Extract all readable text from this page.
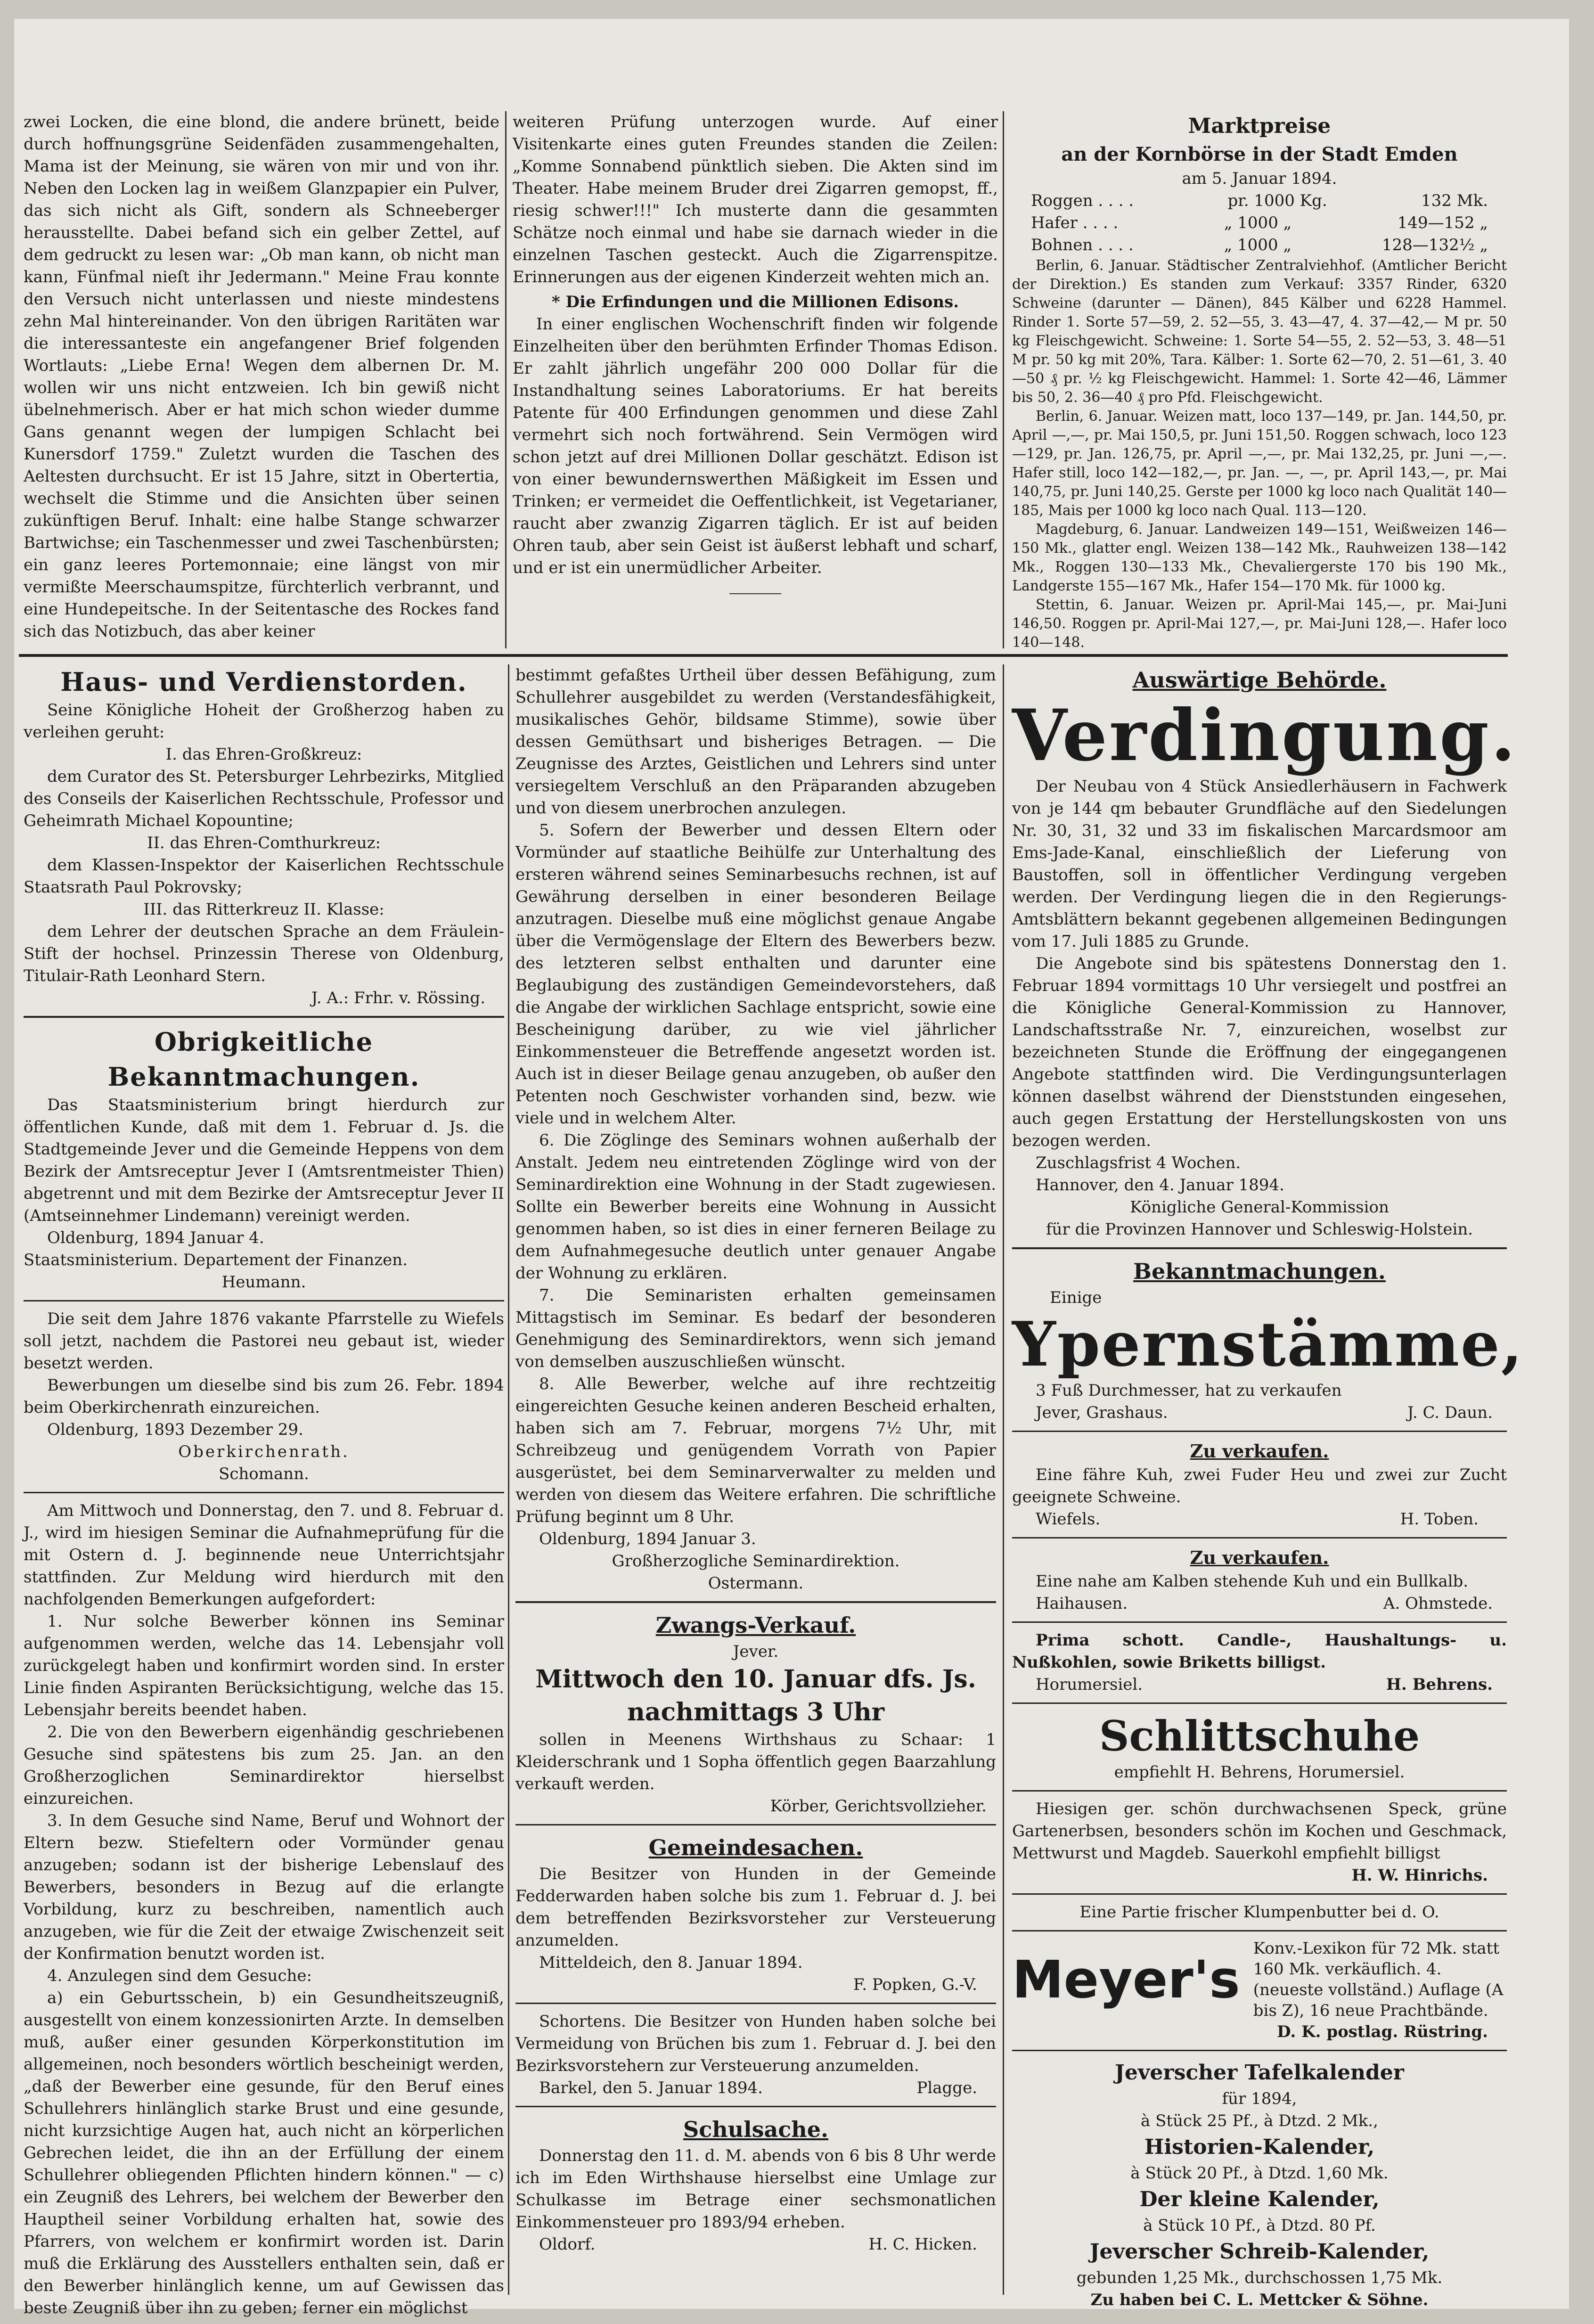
zwei Locken, die eine blond, die andere brünett, beide durch hoffnungsgrüne Seidenfäden zusammengehalten, Mama ist der Meinung, sie wären von mir und von ihr. Neben den Locken lag in weißem Glanzpapier ein Pulver, das sich nicht als Gift, sondern als Schneeberger herausstellte. Dabei befand sich ein gelber Zettel, auf dem gedruckt zu lesen war: „Ob man kann, ob nicht man kann, Fünfmal nieſt ihr Jedermann." Meine Frau konnte den Versuch nicht unterlassen und nieste mindestens zehn Mal hintereinander. Von den übrigen Raritäten war die interessanteste ein angefangener Brief folgenden Wortlauts: „Liebe Erna! Wegen dem albernen Dr. M. wollen wir uns nicht entzweien. Ich bin gewiß nicht übelnehmerisch. Aber er hat mich schon wieder dumme Gans genannt wegen der lumpigen Schlacht bei Kunersdorf 1759." Zuletzt wurden die Taschen des Aeltesten durchsucht. Er ist 15 Jahre, sitzt in Obertertia, wechselt die Stimme und die Ansichten über seinen zukünftigen Beruf. Inhalt: eine halbe Stange schwarzer Bartwichse; ein Taschenmesser und zwei Taschenbürsten; ein ganz leeres Portemonnaie; eine längst von mir vermißte Meerschaumspitze, fürchterlich verbrannt, und eine Hundepeitsche. In der Seitentasche des Rockes fand sich das Notizbuch, das aber keiner

weiteren Prüfung unterzogen wurde. Auf einer Visitenkarte eines guten Freundes standen die Zeilen: „Komme Sonnabend pünktlich sieben. Die Akten sind im Theater. Habe meinem Bruder drei Zigarren gemopst, ff., riesig schwer!!!" Ich musterte dann die gesammten Schätze noch einmal und habe sie darnach wieder in die einzelnen Taschen gesteckt. Auch die Zigarrenspitze. Erinnerungen aus der eigenen Kinderzeit wehten mich an.

* Die Erfindungen und die Millionen Edisons.

In einer englischen Wochenschrift finden wir folgende Einzelheiten über den berühmten Erfinder Thomas Edison. Er zahlt jährlich ungefähr 200 000 Dollar für die Instandhaltung seines Laboratoriums. Er hat bereits Patente für 400 Erfindungen genommen und diese Zahl vermehrt sich noch fortwährend. Sein Vermögen wird schon jetzt auf drei Millionen Dollar geschätzt. Edison ist von einer bewundernswerthen Mäßigkeit im Essen und Trinken; er vermeidet die Oeffentlichkeit, ist Vegetarianer, raucht aber zwanzig Zigarren täglich. Er ist auf beiden Ohren taub, aber sein Geist ist äußerst lebhaft und scharf, und er ist ein unermüdlicher Arbeiter.

Marktpreise
an der Kornbörse in der Stadt Emden

am 5. Januar 1894.

Roggen . . . .	pr. 1000 Kg.	132 Mk.
Hafer . . . .	„ 1000 „	149—152 „
Bohnen . . . .	„ 1000 „	128—132½ „

Berlin, 6. Januar. Städtischer Zentralviehhof. (Amtlicher Bericht der Direktion.) Es standen zum Verkauf: 3357 Rinder, 6320 Schweine (darunter — Dänen), 845 Kälber und 6228 Hammel. Rinder 1. Sorte 57—59, 2. 52—55, 3. 43—47, 4. 37—42,— M pr. 50 kg Fleischgewicht. Schweine: 1. Sorte 54—55, 2. 52—53, 3. 48—51 M pr. 50 kg mit 20%, Tara. Kälber: 1. Sorte 62—70, 2. 51—61, 3. 40—50 ₰ pr. ½ kg Fleischgewicht. Hammel: 1. Sorte 42—46, Lämmer bis 50, 2. 36—40 ₰ pro Pfd. Fleischgewicht.

Berlin, 6. Januar. Weizen matt, loco 137—149, pr. Jan. 144,50, pr. April —,—, pr. Mai 150,5, pr. Juni 151,50. Roggen schwach, loco 123—129, pr. Jan. 126,75, pr. April —,—, pr. Mai 132,25, pr. Juni —,—. Hafer still, loco 142—182,—, pr. Jan. —, —, pr. April 143,—, pr. Mai 140,75, pr. Juni 140,25. Gerste per 1000 kg loco nach Qualität 140—185, Mais per 1000 kg loco nach Qual. 113—120.

Magdeburg, 6. Januar. Landweizen 149—151, Weißweizen 146—150 Mk., glatter engl. Weizen 138—142 Mk., Rauhweizen 138—142 Mk., Roggen 130—133 Mk., Chevaliergerste 170 bis 190 Mk., Landgerste 155—167 Mk., Hafer 154—170 Mk. für 1000 kg.

Stettin, 6. Januar. Weizen pr. April-Mai 145,—, pr. Mai-Juni 146,50. Roggen pr. April-Mai 127,—, pr. Mai-Juni 128,—. Hafer loco 140—148.

Haus- und Verdienstorden.

Seine Königliche Hoheit der Großherzog haben zu verleihen geruht:

I. das Ehren-Großkreuz:

dem Curator des St. Petersburger Lehrbezirks, Mitglied des Conseils der Kaiserlichen Rechtsschule, Professor und Geheimrath Michael Kopountine;

II. das Ehren-Comthurkreuz:

dem Klassen-Inspektor der Kaiserlichen Rechtsschule Staatsrath Paul Pokrovsky;

III. das Ritterkreuz II. Klasse:

dem Lehrer der deutschen Sprache an dem Fräulein-Stift der hochsel. Prinzessin Therese von Oldenburg, Titulair-Rath Leonhard Stern.

J. A.: Frhr. v. Rössing.

Obrigkeitliche Bekanntmachungen.

Das Staatsministerium bringt hierdurch zur öffentlichen Kunde, daß mit dem 1. Februar d. Js. die Stadtgemeinde Jever und die Gemeinde Heppens von dem Bezirk der Amtsreceptur Jever I (Amtsrentmeister Thien) abgetrennt und mit dem Bezirke der Amtsreceptur Jever II (Amtseinnehmer Lindemann) vereinigt werden.

Oldenburg, 1894 Januar 4.

Staatsministerium. Departement der Finanzen.

Heumann.

Die seit dem Jahre 1876 vakante Pfarrstelle zu Wiefels soll jetzt, nachdem die Pastorei neu gebaut ist, wieder besetzt werden.

Bewerbungen um dieselbe sind bis zum 26. Febr. 1894 beim Oberkirchenrath einzureichen.

Oldenburg, 1893 Dezember 29.

Oberkirchenrath.

Schomann.

Am Mittwoch und Donnerstag, den 7. und 8. Februar d. J., wird im hiesigen Seminar die Aufnahmeprüfung für die mit Ostern d. J. beginnende neue Unterrichtsjahr stattfinden. Zur Meldung wird hierdurch mit den nachfolgenden Bemerkungen aufgefordert:

1. Nur solche Bewerber können ins Seminar aufgenommen werden, welche das 14. Lebensjahr voll zurückgelegt haben und konfirmirt worden sind. In erster Linie finden Aspiranten Berücksichtigung, welche das 15. Lebensjahr bereits beendet haben.

2. Die von den Bewerbern eigenhändig geschriebenen Gesuche sind spätestens bis zum 25. Jan. an den Großherzoglichen Seminardirektor hierselbst einzureichen.

3. In dem Gesuche sind Name, Beruf und Wohnort der Eltern bezw. Stiefeltern oder Vormünder genau anzugeben; sodann ist der bisherige Lebenslauf des Bewerbers, besonders in Bezug auf die erlangte Vorbildung, kurz zu beschreiben, namentlich auch anzugeben, wie für die Zeit der etwaige Zwischenzeit seit der Konfirmation benutzt worden ist.

4. Anzulegen sind dem Gesuche:

a) ein Geburtsschein, b) ein Gesundheitszeugniß, ausgestellt von einem konzessionirten Arzte. In demselben muß, außer einer gesunden Körperkonstitution im allgemeinen, noch besonders wörtlich bescheinigt werden, „daß der Bewerber eine gesunde, für den Beruf eines Schullehrers hinlänglich starke Brust und eine gesunde, nicht kurzsichtige Augen hat, auch nicht an körperlichen Gebrechen leidet, die ihn an der Erfüllung der einem Schullehrer obliegenden Pflichten hindern können." — c) ein Zeugniß des Lehrers, bei welchem der Bewerber den Hauptheil seiner Vorbildung erhalten hat, sowie des Pfarrers, von welchem er konfirmirt worden ist. Darin muß die Erklärung des Ausstellers enthalten sein, daß er den Bewerber hinlänglich kenne, um auf Gewissen das beste Zeugniß über ihn zu geben; ferner ein möglichst

bestimmt gefaßtes Urtheil über dessen Befähigung, zum Schullehrer ausgebildet zu werden (Verstandesfähigkeit, musikalisches Gehör, bildsame Stimme), sowie über dessen Gemüthsart und bisheriges Betragen. — Die Zeugnisse des Arztes, Geistlichen und Lehrers sind unter versiegeltem Verschluß an den Präparanden abzugeben und von diesem unerbrochen anzulegen.

5. Sofern der Bewerber und dessen Eltern oder Vormünder auf staatliche Beihülfe zur Unterhaltung des ersteren während seines Seminarbesuchs rechnen, ist auf Gewährung derselben in einer besonderen Beilage anzutragen. Dieselbe muß eine möglichst genaue Angabe über die Vermögenslage der Eltern des Bewerbers bezw. des letzteren selbst enthalten und darunter eine Beglaubigung des zuständigen Gemeindevorstehers, daß die Angabe der wirklichen Sachlage entspricht, sowie eine Bescheinigung darüber, zu wie viel jährlicher Einkommensteuer die Betreffende angesetzt worden ist. Auch ist in dieser Beilage genau anzugeben, ob außer den Petenten noch Geschwister vorhanden sind, bezw. wie viele und in welchem Alter.

6. Die Zöglinge des Seminars wohnen außerhalb der Anstalt. Jedem neu eintretenden Zöglinge wird von der Seminardirektion eine Wohnung in der Stadt zugewiesen. Sollte ein Bewerber bereits eine Wohnung in Aussicht genommen haben, so ist dies in einer ferneren Beilage zu dem Aufnahmegesuche deutlich unter genauer Angabe der Wohnung zu erklären.

7. Die Seminaristen erhalten gemeinsamen Mittagstisch im Seminar. Es bedarf der besonderen Genehmigung des Seminardirektors, wenn sich jemand von demselben auszuschließen wünscht.

8. Alle Bewerber, welche auf ihre rechtzeitig eingereichten Gesuche keinen anderen Bescheid erhalten, haben sich am 7. Februar, morgens 7½ Uhr, mit Schreibzeug und genügendem Vorrath von Papier ausgerüstet, bei dem Seminarverwalter zu melden und werden von diesem das Weitere erfahren. Die schriftliche Prüfung beginnt um 8 Uhr.

Oldenburg, 1894 Januar 3.

Großherzogliche Seminardirektion.

Ostermann.

Zwangs-Verkauf.

Jever.

Mittwoch den 10. Januar dfs. Js.
nachmittags 3 Uhr

sollen in Meenens Wirthshaus zu Schaar: 1 Kleiderschrank und 1 Sopha öffentlich gegen Baarzahlung verkauft werden.

Körber, Gerichtsvollzieher.

Gemeindesachen.

Die Besitzer von Hunden in der Gemeinde Fedderwarden haben solche bis zum 1. Februar d. J. bei dem betreffenden Bezirksvorsteher zur Versteuerung anzumelden.

Mitteldeich, den 8. Januar 1894.

F. Popken, G.-V.

Schortens. Die Besitzer von Hunden haben solche bei Vermeidung von Brüchen bis zum 1. Februar d. J. bei den Bezirksvorstehern zur Versteuerung anzumelden.

Barkel, den 5. Januar 1894.	Plagge.
Schulsache.

Donnerstag den 11. d. M. abends von 6 bis 8 Uhr werde ich im Eden Wirthshause hierselbst eine Umlage zur Schulkasse im Betrage einer sechsmonatlichen Einkommensteuer pro 1893/94 erheben.

Oldorf.	H. C. Hicken.
Auswärtige Behörde.
Verdingung.

Der Neubau von 4 Stück Ansiedlerhäusern in Fachwerk von je 144 qm bebauter Grundfläche auf den Siedelungen Nr. 30, 31, 32 und 33 im fiskalischen Marcardsmoor am Ems-Jade-Kanal, einschließlich der Lieferung von Baustoffen, soll in öffentlicher Verdingung vergeben werden. Der Verdingung liegen die in den Regierungs-Amtsblättern bekannt gegebenen allgemeinen Bedingungen vom 17. Juli 1885 zu Grunde.

Die Angebote sind bis spätestens Donnerstag den 1. Februar 1894 vormittags 10 Uhr versiegelt und postfrei an die Königliche General-Kommission zu Hannover, Landschaftsstraße Nr. 7, einzureichen, woselbst zur bezeichneten Stunde die Eröffnung der eingegangenen Angebote stattfinden wird. Die Verdingungsunterlagen können daselbst während der Dienststunden eingesehen, auch gegen Erstattung der Herstellungskosten von uns bezogen werden.

Zuschlagsfrist 4 Wochen.

Hannover, den 4. Januar 1894.

Königliche General-Kommission

für die Provinzen Hannover und Schleswig-Holstein.

Bekanntmachungen.

Einige

Ypernstämme,

3 Fuß Durchmesser, hat zu verkaufen

Jever, Grashaus.	J. C. Daun.
Zu verkaufen.

Eine fähre Kuh, zwei Fuder Heu und zwei zur Zucht geeignete Schweine.

Wiefels.	H. Toben.
Zu verkaufen.

Eine nahe am Kalben stehende Kuh und ein Bullkalb.

Haihausen.	A. Ohmstede.

Prima schott. Candle-, Haushaltungs- u. Nußkohlen, sowie Briketts billigst.

Horumersiel.	H. Behrens.
Schlittschuhe

empfiehlt H. Behrens, Horumersiel.

Hiesigen ger. schön durchwachsenen Speck, grüne Gartenerbsen, besonders schön im Kochen und Geschmack, Mettwurst und Magdeb. Sauerkohl empfiehlt billigst

H. W. Hinrichs.

Eine Partie frischer Klumpenbutter bei d. O.

Meyer's
Konv.-Lexikon für 72 Mk. statt 160 Mk. verkäuflich. 4. (neueste vollständ.) Auflage (A bis Z), 16 neue Prachtbände.

D. K. postlag. Rüstring.

Jeverscher Tafelkalender

für 1894,

à Stück 25 Pf., à Dtzd. 2 Mk.,

Historien-Kalender,

à Stück 20 Pf., à Dtzd. 1,60 Mk.

Der kleine Kalender,

à Stück 10 Pf., à Dtzd. 80 Pf.

Jeverscher Schreib-Kalender,

gebunden 1,25 Mk., durchschossen 1,75 Mk.

Zu haben bei C. L. Mettcker & Söhne.
